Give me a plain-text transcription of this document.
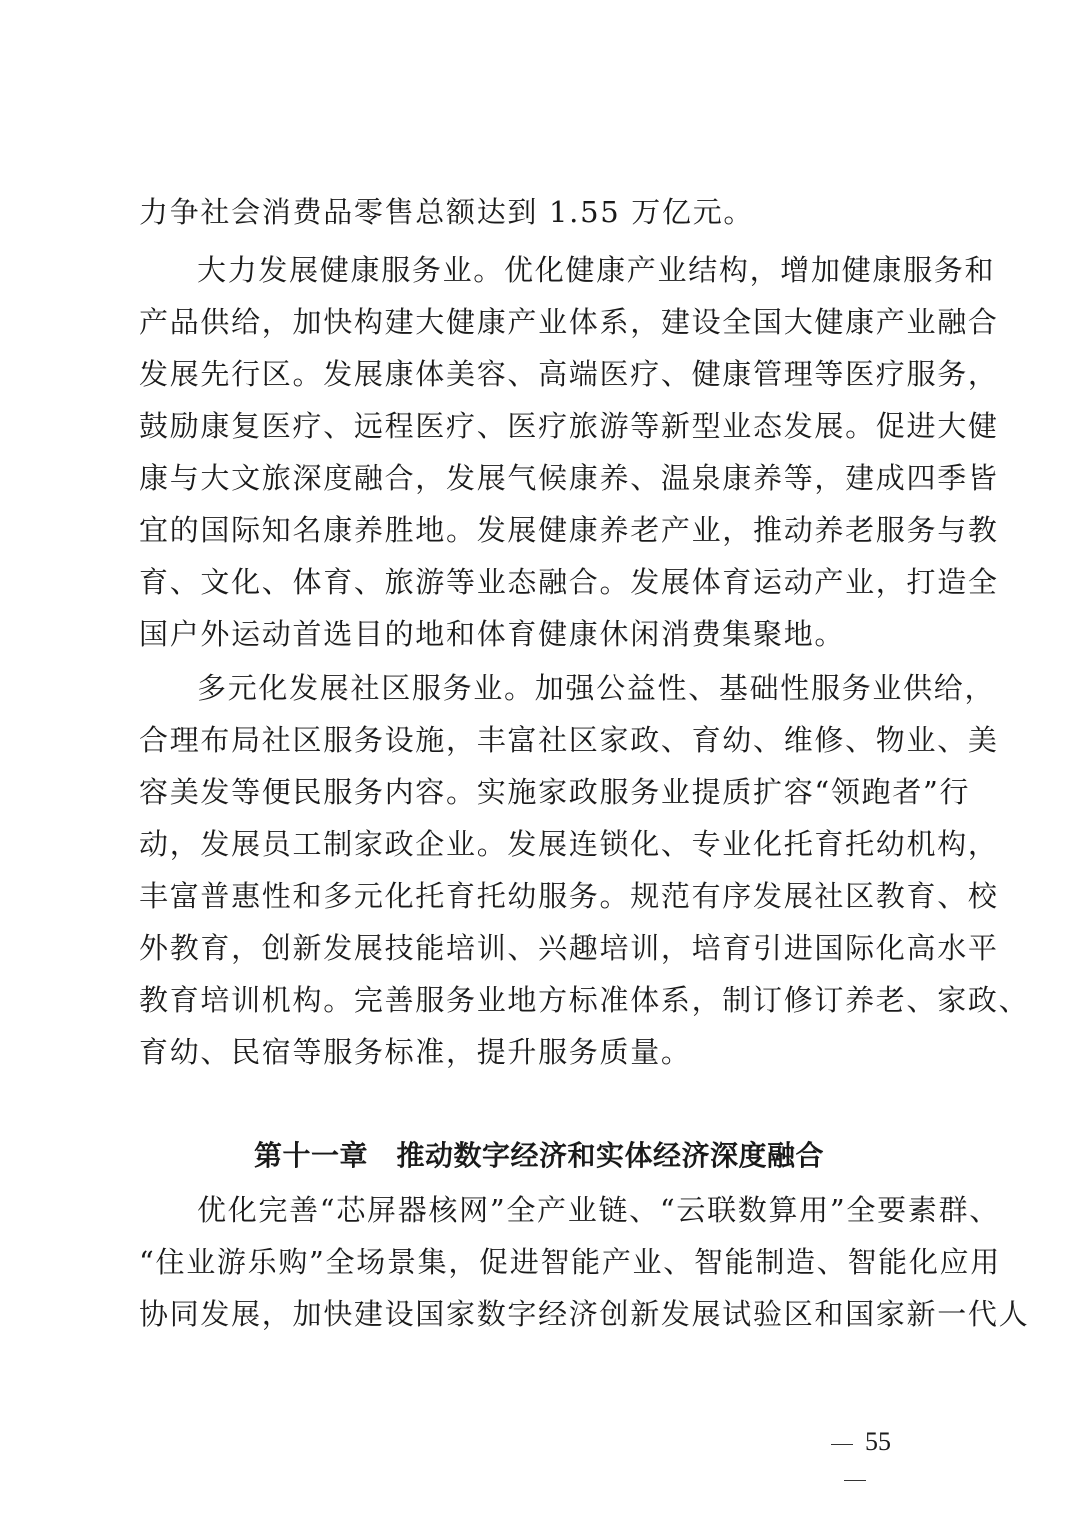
力争社会消费品零售总额达到 1.55 万亿元。
大力发展健康服务业。优化健康产业结构，增加健康服务和
产品供给，加快构建大健康产业体系，建设全国大健康产业融合
发展先行区。发展康体美容、高端医疗、健康管理等医疗服务，
鼓励康复医疗、远程医疗、医疗旅游等新型业态发展。促进大健
康与大文旅深度融合，发展气候康养、温泉康养等，建成四季皆
宜的国际知名康养胜地。发展健康养老产业，推动养老服务与教
育、文化、体育、旅游等业态融合。发展体育运动产业，打造全
国户外运动首选目的地和体育健康休闲消费集聚地。
多元化发展社区服务业。加强公益性、基础性服务业供给，
合理布局社区服务设施，丰富社区家政、育幼、维修、物业、美
容美发等便民服务内容。实施家政服务业提质扩容“领跑者”行
动，发展员工制家政企业。发展连锁化、专业化托育托幼机构，
丰富普惠性和多元化托育托幼服务。规范有序发展社区教育、校
外教育，创新发展技能培训、兴趣培训，培育引进国际化高水平
教育培训机构。完善服务业地方标准体系，制订修订养老、家政、
育幼、民宿等服务标准，提升服务质量。
第十一章　推动数字经济和实体经济深度融合
优化完善“芯屏器核网”全产业链、“云联数算用”全要素群、
“住业游乐购”全场景集，促进智能产业、智能制造、智能化应用
协同发展，加快建设国家数字经济创新发展试验区和国家新一代人
55
